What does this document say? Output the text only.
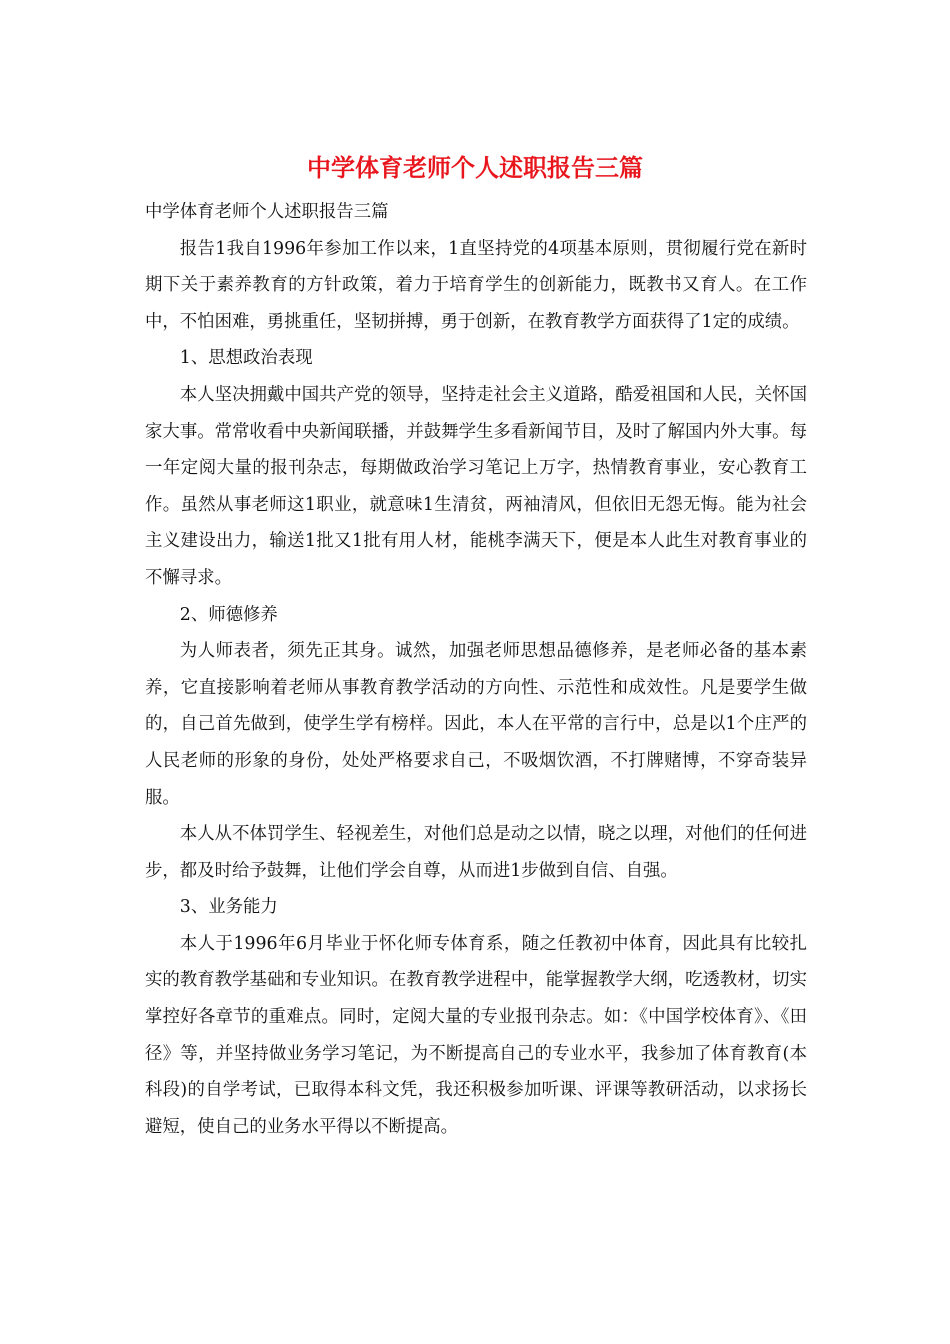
中学体育老师个人述职报告三篇

中学体育老师个人述职报告三篇

报告1我自1996年参加工作以来，1直坚持党的4项基本原则，贯彻履行党在新时期下关于素养教育的方针政策，着力于培育学生的创新能力，既教书又育人。在工作中，不怕困难，勇挑重任，坚韧拼搏，勇于创新，在教育教学方面获得了1定的成绩。

1、思想政治表现

本人坚决拥戴中国共产党的领导，坚持走社会主义道路，酷爱祖国和人民，关怀国家大事。常常收看中央新闻联播，并鼓舞学生多看新闻节目，及时了解国内外大事。每一年定阅大量的报刊杂志，每期做政治学习笔记上万字，热情教育事业，安心教育工作。虽然从事老师这1职业，就意味1生清贫，两袖清风，但依旧无怨无悔。能为社会主义建设出力，输送1批又1批有用人材，能桃李满天下，便是本人此生对教育事业的不懈寻求。

2、师德修养

为人师表者，须先正其身。诚然，加强老师思想品德修养，是老师必备的基本素养，它直接影响着老师从事教育教学活动的方向性、示范性和成效性。凡是要学生做的，自己首先做到，使学生学有榜样。因此，本人在平常的言行中，总是以1个庄严的人民老师的形象的身份，处处严格要求自己，不吸烟饮酒，不打牌赌博，不穿奇装异服。

本人从不体罚学生、轻视差生，对他们总是动之以情，晓之以理，对他们的任何进步，都及时给予鼓舞，让他们学会自尊，从而进1步做到自信、自强。

3、业务能力

本人于1996年6月毕业于怀化师专体育系，随之任教初中体育，因此具有比较扎实的教育教学基础和专业知识。在教育教学进程中，能掌握教学大纲，吃透教材，切实掌控好各章节的重难点。同时，定阅大量的专业报刊杂志。如：《中国学校体育》、《田径》等，并坚持做业务学习笔记，为不断提高自己的专业水平，我参加了体育教育(本科段)的自学考试，已取得本科文凭，我还积极参加听课、评课等教研活动，以求扬长避短，使自己的业务水平得以不断提高。
